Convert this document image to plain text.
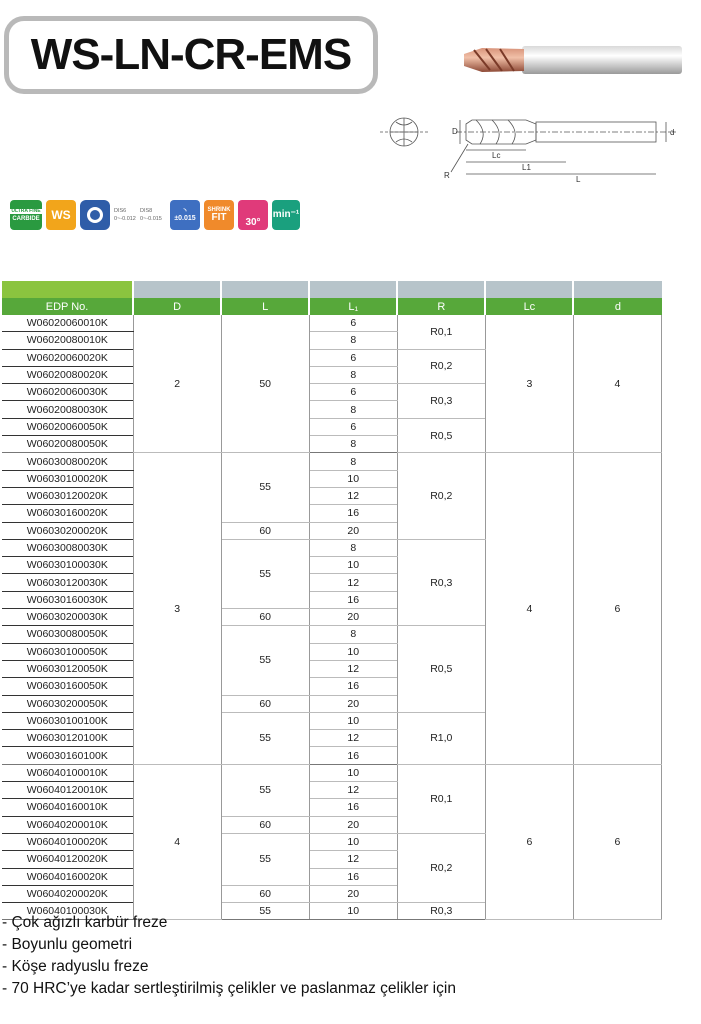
WS-LN-CR-EMS
D	d
Lc
L1
L
R
ULTRA FINE
CARBIDE WS	DIS6 0~-0.012
DIS8 0~-0.015
◝
±0.015
SHRINK
FIT	30°
min⁻¹

EDP No.	D	L	L₁	R	Lc	d
W06020060010K	2	50	6	R0,1	3	4
W06020080010K			8			
W06020060020K			6	R0,2		
W06020080020K			8			
W06020060030K			6	R0,3		
W06020080030K			8			
W06020060050K			6	R0,5		
W06020080050K			8			
W06030080020K	3	55	8	R0,2	4	6
W06030100020K			10			
W06030120020K			12			
W06030160020K			16			
W06030200020K		60	20			
W06030080030K		55	8	R0,3		
W06030100030K			10			
W06030120030K			12			
W06030160030K			16			
W06030200030K		60	20			
W06030080050K		55	8	R0,5		
W06030100050K			10			
W06030120050K			12			
W06030160050K			16			
W06030200050K		60	20			
W06030100100K		55	10	R1,0		
W06030120100K			12			
W06030160100K			16			
W06040100010K	4	55	10	R0,1	6	6
W06040120010K			12			
W06040160010K			16			
W06040200010K		60	20			
W06040100020K		55	10	R0,2		
W06040120020K			12			
W06040160020K			16			
W06040200020K		60	20			
W06040100030K		55	10	R0,3		
- Çok ağızlı karbür freze
- Boyunlu geometri
- Köşe radyuslu freze
- 70 HRC’ye kadar sertleştirilmiş çelikler ve paslanmaz çelikler için
